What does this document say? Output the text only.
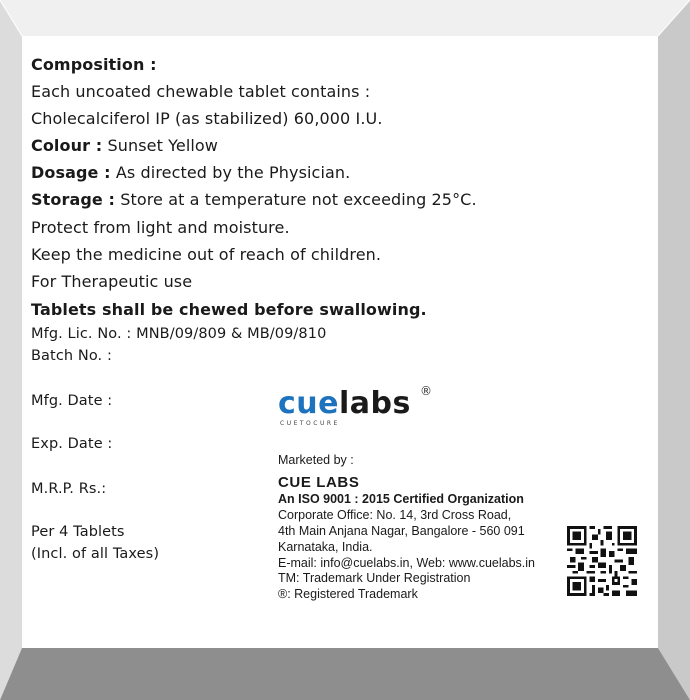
Composition :
Each uncoated chewable tablet contains :
Cholecalciferol IP (as stabilized) 60,000 I.U.
Colour : Sunset Yellow
Dosage : As directed by the Physician.
Storage : Store at a temperature not exceeding 25°C.
Protect from light and moisture.
Keep the medicine out of reach of children.
For Therapeutic use
Tablets shall be chewed before swallowing.
Mfg. Lic. No. : MNB/09/809 & MB/09/810
Batch No. :
Mfg. Date :
Exp. Date :
M.R.P. Rs.:
Per 4 Tablets
(Incl. of all Taxes)
cuelabs ®
CUETOCURE
Marketed by :
CUE LABS
An ISO 9001 : 2015 Certified Organization
Corporate Office: No. 14, 3rd Cross Road,
4th Main Anjana Nagar, Bangalore - 560 091
Karnataka, India.
E-mail: info@cuelabs.in, Web: www.cuelabs.in
TM: Trademark Under Registration
®: Registered Trademark
